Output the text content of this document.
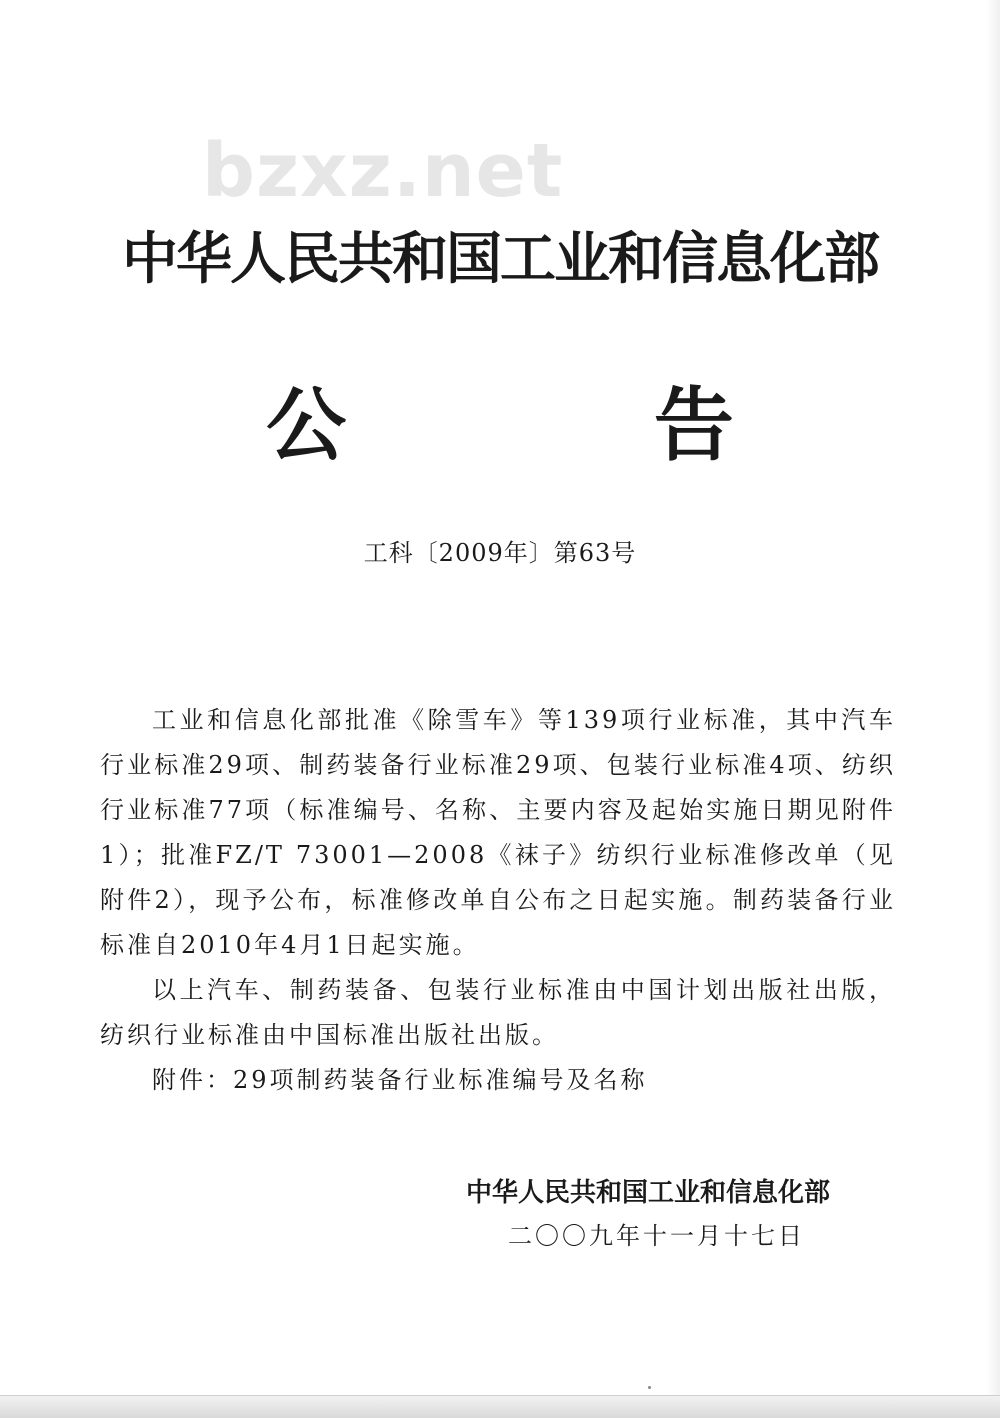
bzxz.net
中华人民共和国工业和信息化部
公 告
工科〔2009年〕第63号

工业和信息化部批准《除雪车》等139项行业标准，其中汽车行业标准29项、制药装备行业标准29项、包装行业标准4项、纺织行业标准77项（标准编号、名称、主要内容及起始实施日期见附件1）；批准FZ/T 73001—2008《袜子》纺织行业标准修改单（见附件2），现予公布，标准修改单自公布之日起实施。制药装备行业标准自2010年4月1日起实施。

以上汽车、制药装备、包装行业标准由中国计划出版社出版，纺织行业标准由中国标准出版社出版。

附件：29项制药装备行业标准编号及名称

中华人民共和国工业和信息化部
二〇〇九年十一月十七日
